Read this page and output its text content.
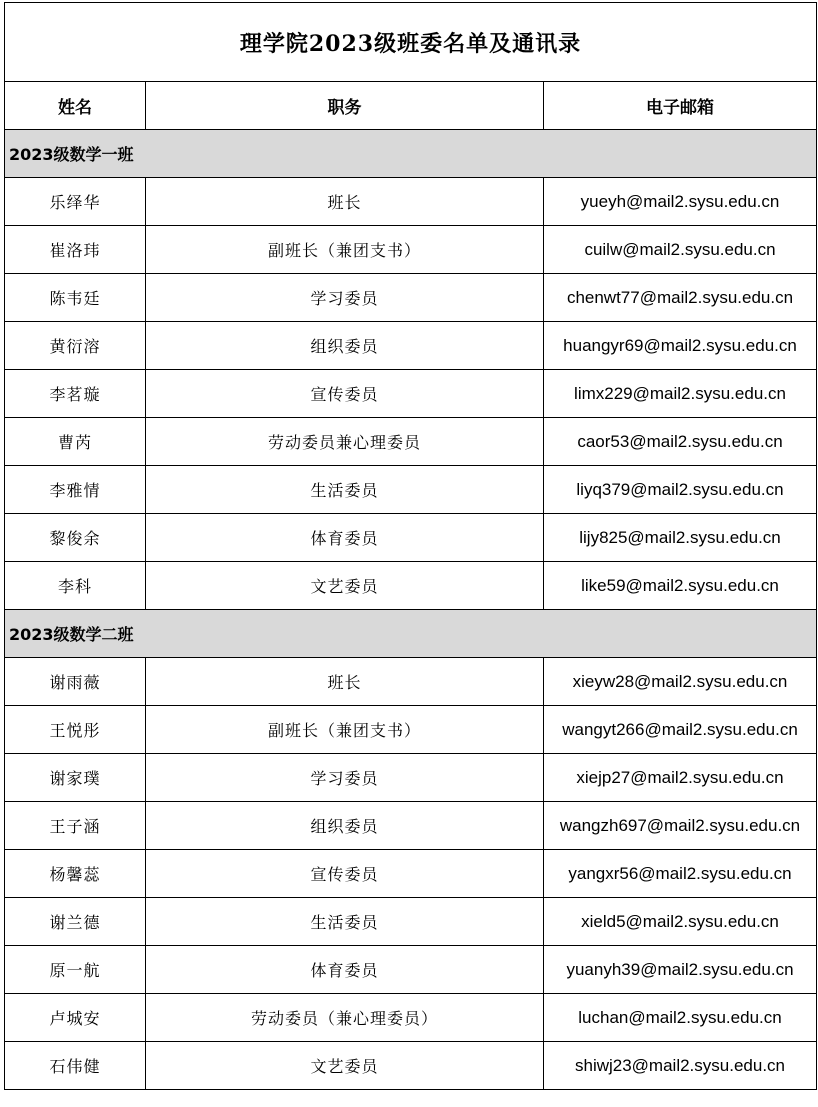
理学院2023级班委名单及通讯录		
姓名	职务	电子邮箱
2023级数学一班		
乐绎华	班长	yueyh@mail2.sysu.edu.cn
崔洛玮	副班长（兼团支书）	cuilw@mail2.sysu.edu.cn
陈韦廷	学习委员	chenwt77@mail2.sysu.edu.cn
黄衍溶	组织委员	huangyr69@mail2.sysu.edu.cn
李茗璇	宣传委员	limx229@mail2.sysu.edu.cn
曹芮	劳动委员兼心理委员	caor53@mail2.sysu.edu.cn
李雅情	生活委员	liyq379@mail2.sysu.edu.cn
黎俊余	体育委员	lijy825@mail2.sysu.edu.cn
李科	文艺委员	like59@mail2.sysu.edu.cn
2023级数学二班		
谢雨薇	班长	xieyw28@mail2.sysu.edu.cn
王悦彤	副班长（兼团支书）	wangyt266@mail2.sysu.edu.cn
谢家璞	学习委员	xiejp27@mail2.sysu.edu.cn
王子涵	组织委员	wangzh697@mail2.sysu.edu.cn
杨馨蕊	宣传委员	yangxr56@mail2.sysu.edu.cn
谢兰德	生活委员	xield5@mail2.sysu.edu.cn
原一航	体育委员	yuanyh39@mail2.sysu.edu.cn
卢城安	劳动委员（兼心理委员）	luchan@mail2.sysu.edu.cn
石伟健	文艺委员	shiwj23@mail2.sysu.edu.cn
